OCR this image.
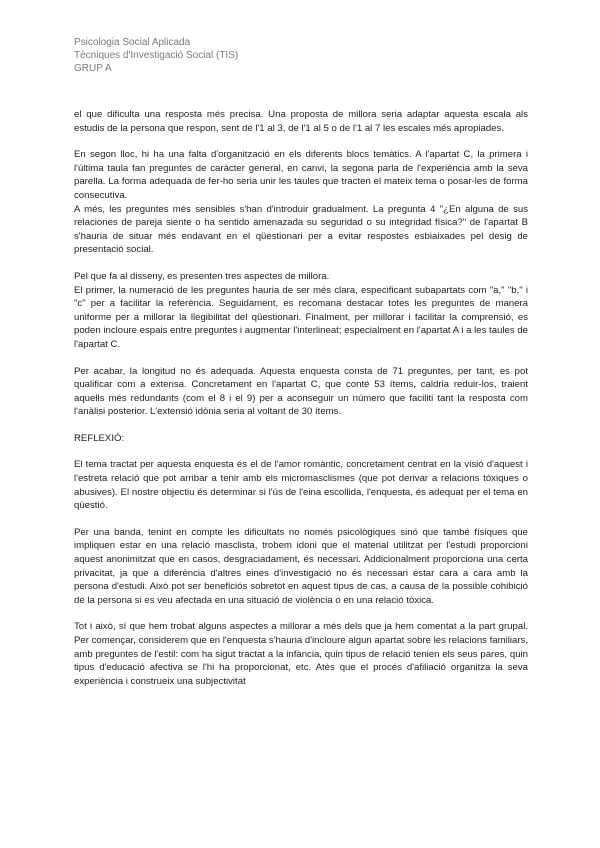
Psicologia Social Aplicada
Tècniques d'Investigació Social (TIS)
GRUP A

el que dificulta una resposta més precisa. Una proposta de millora seria adaptar aquesta escala als estudis de la persona que respon, sent de l'1 al 3, de l'1 al 5 o de l'1 al 7 les escales més apropiades.

En segon lloc, hi ha una falta d'organització en els diferents blocs temàtics. A l'apartat C, la primera i l'última taula fan preguntes de caràcter general, en canvi, la segona parla de l'experiència amb la seva parella. La forma adequada de fer-ho seria unir les taules que tracten el mateix tema o posar-les de forma consecutiva.

A més, les preguntes més sensibles s'han d'introduir gradualment. La pregunta 4 "¿En alguna de sus relaciones de pareja siente o ha sentido amenazada su seguridad o su integridad física?" de l'apartat B s'hauria de situar més endavant en el qüestionari per a evitar respostes esbiaixades pel desig de presentació social.

Pel que fa al disseny, es presenten tres aspectes de millora.

El primer, la numeració de les preguntes hauria de ser més clara, especificant subapartats com "a," "b," i "c" per a facilitar la referència. Seguidament, es recomana destacar totes les preguntes de manera uniforme per a millorar la llegibilitat del qüestionari. Finalment, per millorar i facilitar la comprensió, es poden incloure espais entre preguntes i augmentar l'interlineat; especialment en l'apartat A i a les taules de l'apartat C.

Per acabar, la longitud no és adequada. Aquesta enquesta consta de 71 preguntes, per tant, es pot qualificar com a extensa. Concretament en l'apartat C, que conté 53 ítems, caldria reduir-los, traient aquells més redundants (com el 8 i el 9) per a aconseguir un número que faciliti tant la resposta com l'anàlisi posterior. L'extensió idònia seria al voltant de 30 ítems.

REFLEXIÓ:

El tema tractat per aquesta enquesta és el de l'amor romàntic, concretament centrat en la visió d'aquest i l'estreta relació que pot arribar a tenir amb els micromasclismes (que pot derivar a relacions tòxiques o abusives). El nostre objectiu és determinar si l'ús de l'eina escollida, l'enquesta, és adequat per el tema en qüestió.

Per una banda, tenint en compte les dificultats no només psicològiques sinó que també físiques que impliquen estar en una relació masclista, trobem idoni que el material utilitzat per l'estudi proporcioni aquest anonimitzat que en casos, desgraciadament, és necessari. Addicionalment proporciona una certa privacitat, ja que a diferència d'altres eines d'investigació no és necessari estar cara a cara amb la persona d'estudi. Això pot ser beneficiós sobretot en aquest tipus de cas, a causa de la possible cohibició de la persona si es veu afectada en una situació de violència o en una relació tòxica.

Tot i això, sí que hem trobat alguns aspectes a millorar a més dels que ja hem comentat a la part grupal. Per començar, considerem que en l'enquesta s'hauria d'incloure algun apartat sobre les relacions familiars, amb preguntes de l'estil: com ha sigut tractat a la infància, quin tipus de relació tenien els seus pares, quin tipus d'educació afectiva se l'hi ha proporcionat, etc. Atès que el procés d'afiliació organitza la seva experiència i construeix una subjectivitat
